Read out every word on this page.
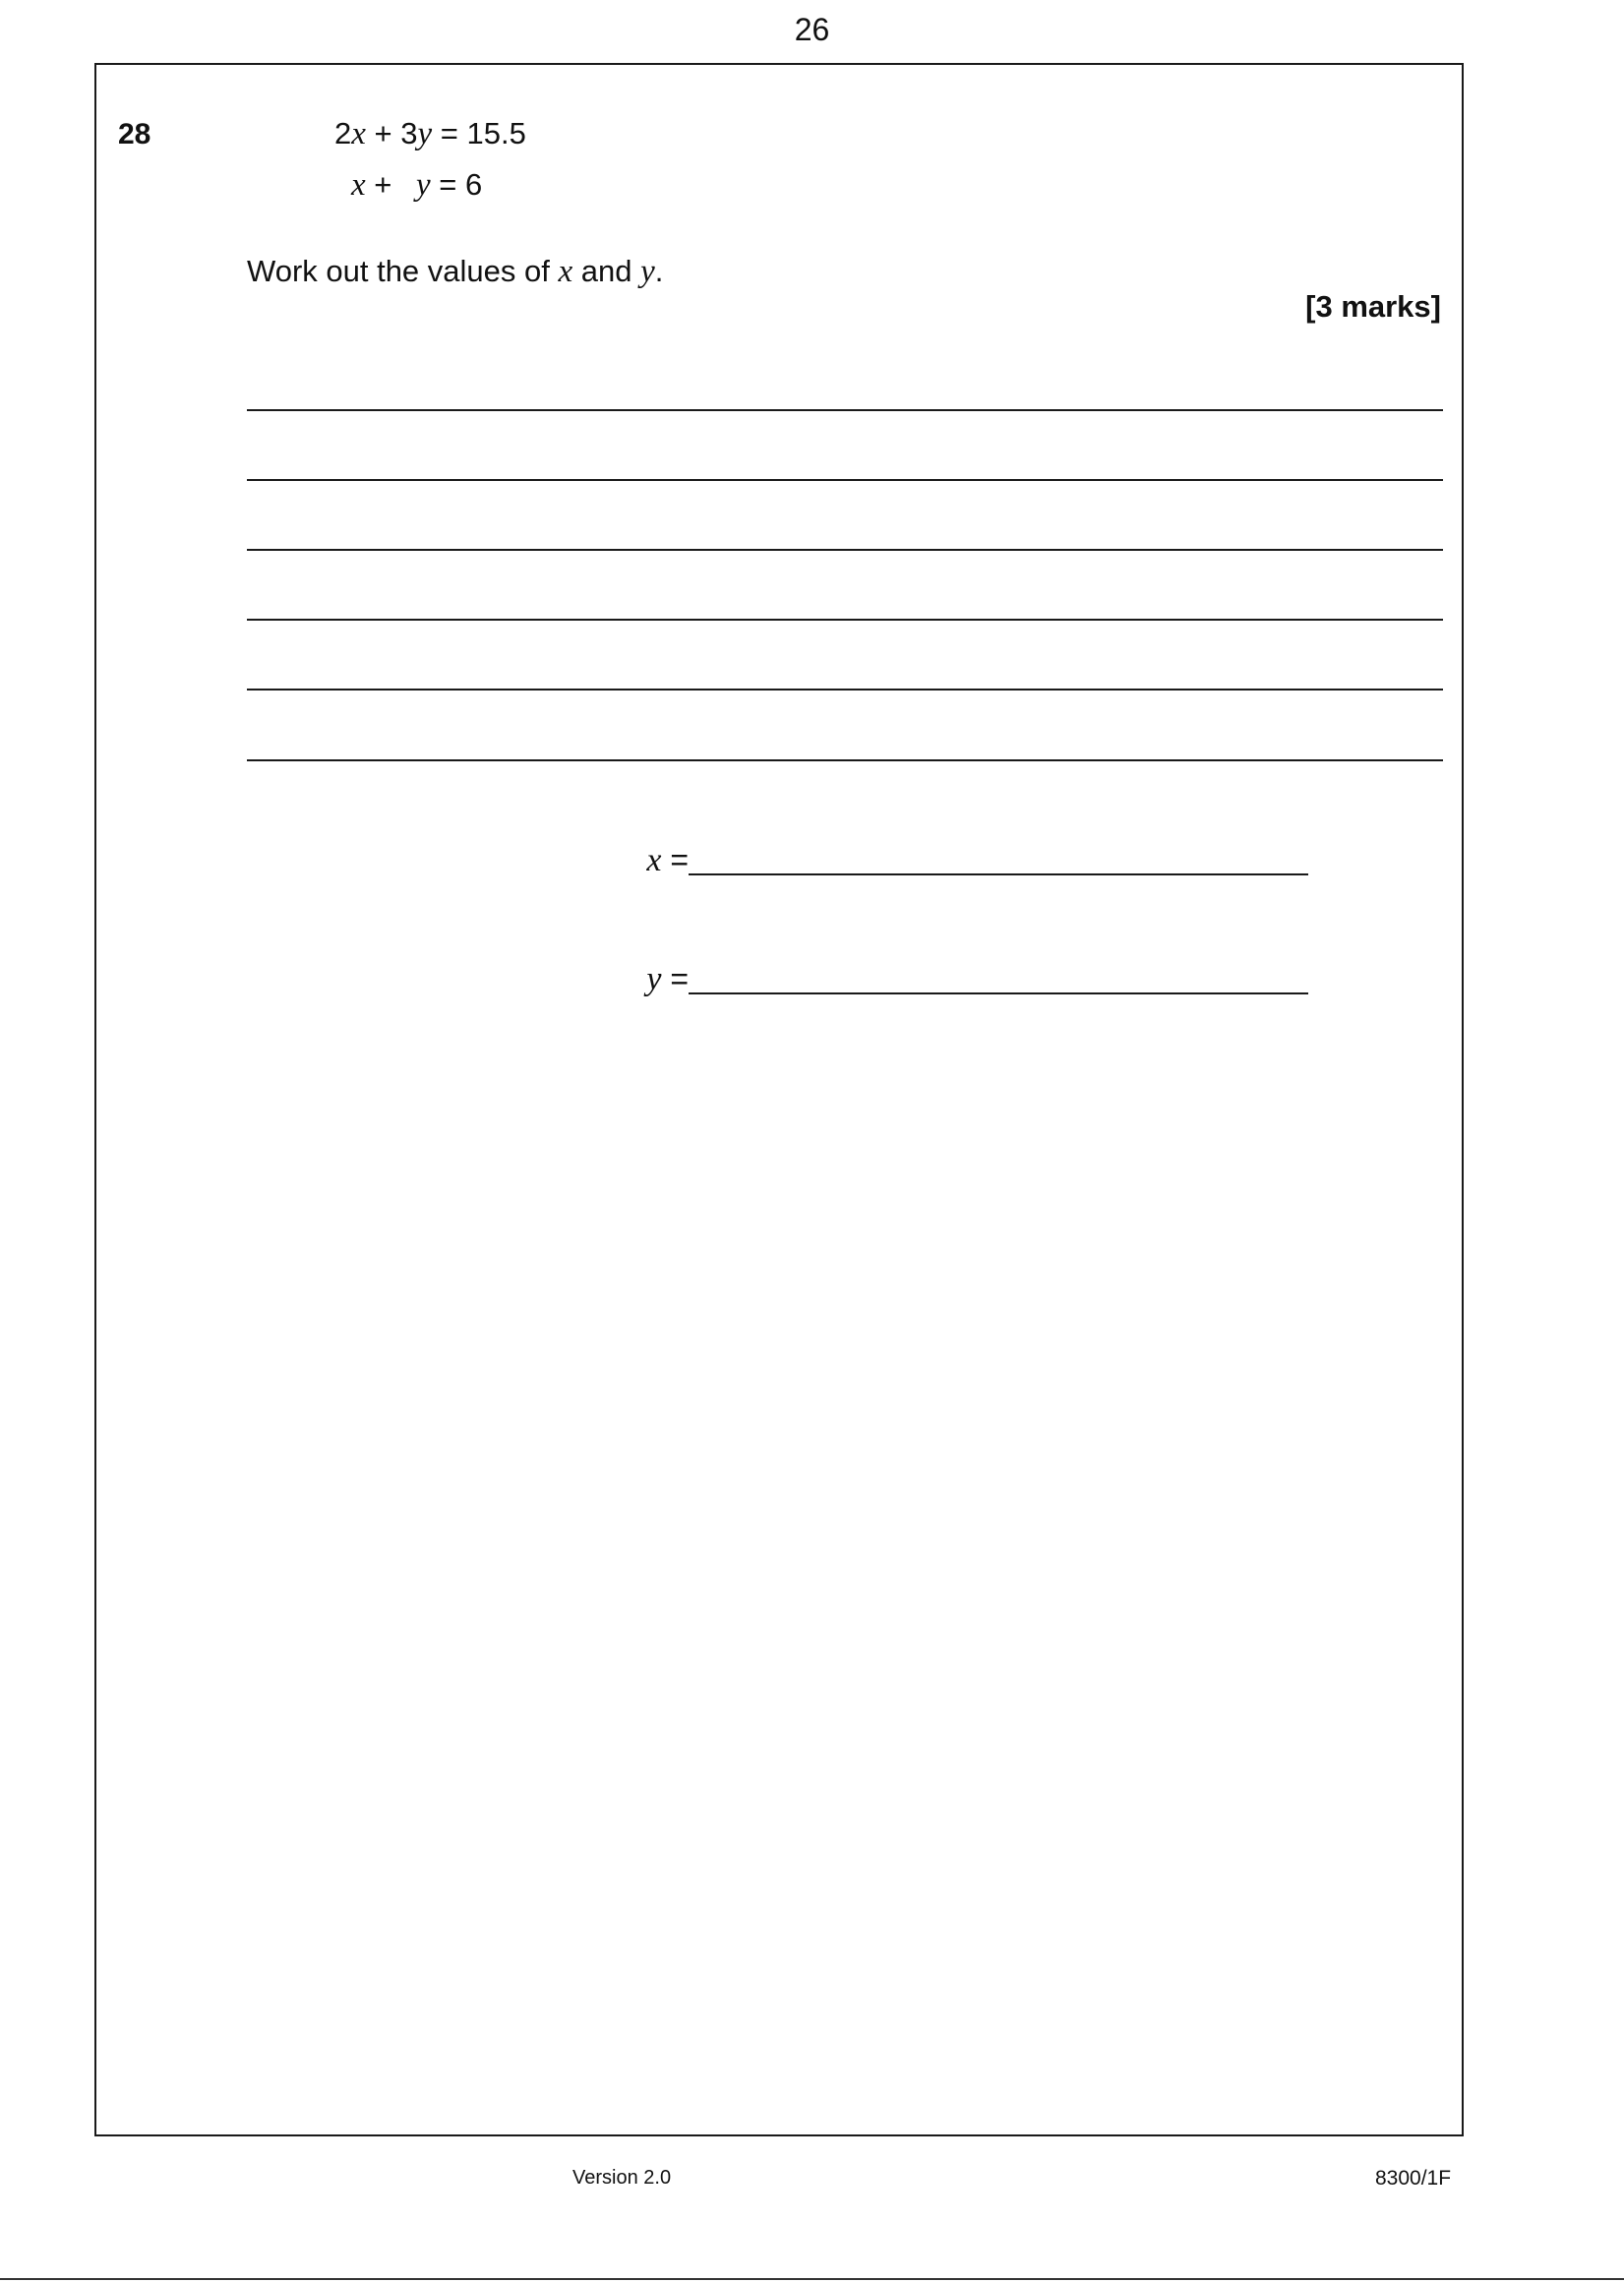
26
28	2x + 3y = 15.5
x + y = 6
Work out the values of x and y.
[3 marks]
x =
y =
Version 2.0	8300/1F
